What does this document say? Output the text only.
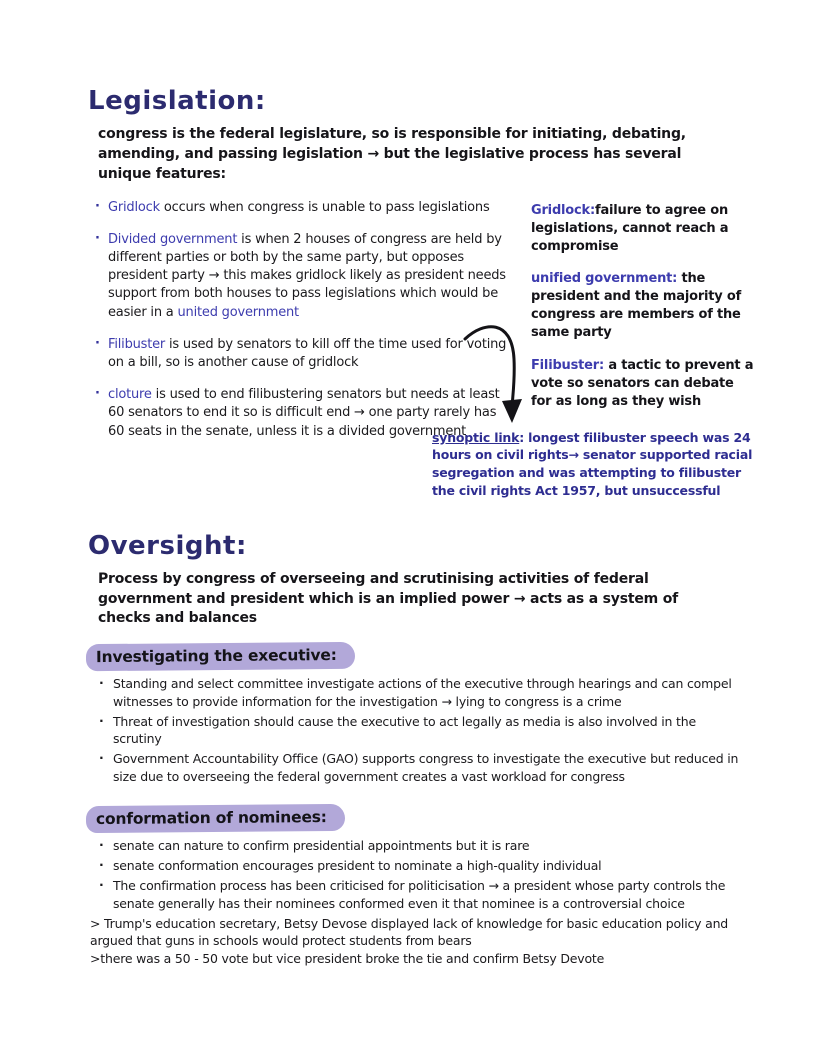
Legislation:

congress is the federal legislature, so is responsible for initiating, debating, amending, and passing legislation → but the legislative process has several unique features:

· Gridlock occurs when congress is unable to pass legislations
· Divided government is when 2 houses of congress are held by different parties or both by the same party, but opposes president party → this makes gridlock likely as president needs support from both houses to pass legislations which would be easier in a united government
· Filibuster is used by senators to kill off the time used for voting on a bill, so is another cause of gridlock
· cloture is used to end filibustering senators but needs at least 60 senators to end it so is difficult end → one party rarely has 60 seats in the senate, unless it is a divided government

Gridlock:failure to agree on legislations, cannot reach a compromise

unified government: the president and the majority of congress are members of the same party

Filibuster: a tactic to prevent a vote so senators can debate for as long as they wish

synoptic link: longest filibuster speech was 24 hours on civil rights→ senator supported racial segregation and was attempting to filibuster the civil rights Act 1957, but unsuccessful

Oversight:

Process by congress of overseeing and scrutinising activities of federal government and president which is an implied power → acts as a system of checks and balances

Investigating the executive:
· Standing and select committee investigate actions of the executive through hearings and can compel witnesses to provide information for the investigation → lying to congress is a crime
· Threat of investigation should cause the executive to act legally as media is also involved in the scrutiny
· Government Accountability Office (GAO) supports congress to investigate the executive but reduced in size due to overseeing the federal government creates a vast workload for congress
conformation of nominees:
· senate can nature to confirm presidential appointments but it is rare
· senate conformation encourages president to nominate a high-quality individual
· The confirmation process has been criticised for politicisation → a president whose party controls the senate generally has their nominees conformed even it that nominee is a controversial choice

> Trump's education secretary, Betsy Devose displayed lack of knowledge for basic education policy and argued that guns in schools would protect students from bears

>there was a 50 - 50 vote but vice president broke the tie and confirm Betsy Devote
